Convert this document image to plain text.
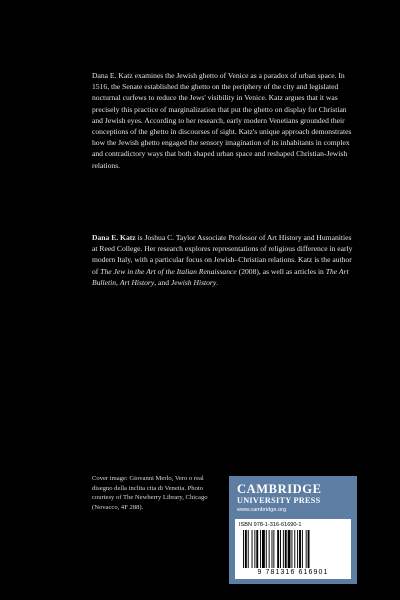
Dana E. Katz examines the Jewish ghetto of Venice as a paradox of urban space. In 1516, the Senate established the ghetto on the periphery of the city and legislated nocturnal curfews to reduce the Jews' visibility in Venice. Katz argues that it was precisely this practice of marginalization that put the ghetto on display for Christian and Jewish eyes. According to her research, early modern Venetians grounded their conceptions of the ghetto in discourses of sight. Katz's unique approach demonstrates how the Jewish ghetto engaged the sensory imagination of its inhabitants in complex and contradictory ways that both shaped urban space and reshaped Christian-Jewish relations.

Dana E. Katz is Joshua C. Taylor Associate Professor of Art History and Humanities at Reed College. Her research explores representations of religious difference in early modern Italy, with a particular focus on Jewish–Christian relations. Katz is the author of The Jew in the Art of the Italian Renaissance (2008), as well as articles in The Art Bulletin, Art History, and Jewish History.
Cover image: Giovanni Merlo, Vero o real disegno della inclita cita di Venetia. Photo courtesy of The Newberry Library, Chicago (Novacco, 4F 288).
CAMBRIDGE
UNIVERSITY PRESS
www.cambridge.org
ISBN 978-1-316-61690-1
9 781316 616901
